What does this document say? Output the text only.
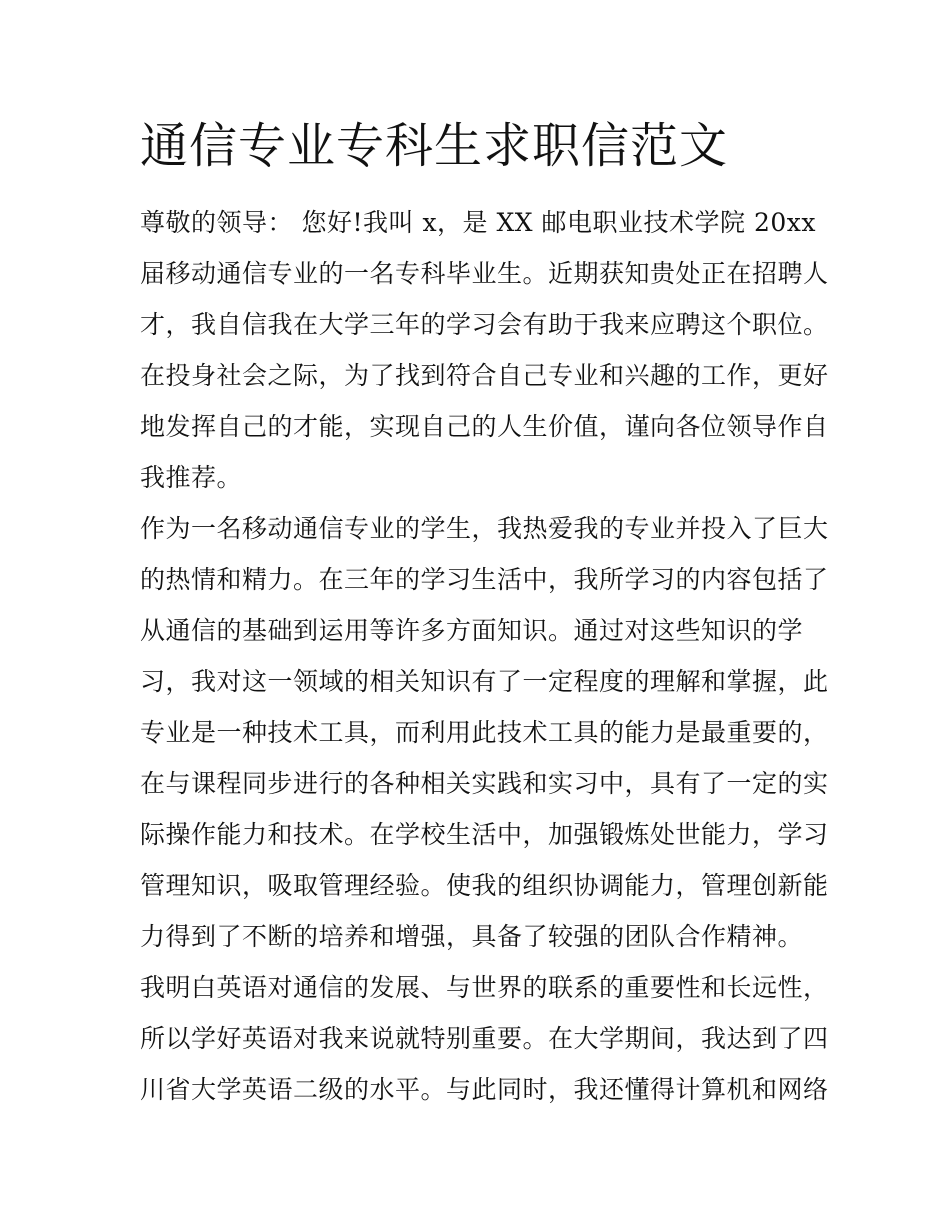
通信专业专科生求职信范文
尊敬的领导： 您好!我叫 x，是 XX 邮电职业技术学院 20xx
届移动通信专业的一名专科毕业生。近期获知贵处正在招聘人
才，我自信我在大学三年的学习会有助于我来应聘这个职位。
在投身社会之际，为了找到符合自己专业和兴趣的工作，更好
地发挥自己的才能，实现自己的人生价值，谨向各位领导作自
我推荐。
作为一名移动通信专业的学生，我热爱我的专业并投入了巨大
的热情和精力。在三年的学习生活中，我所学习的内容包括了
从通信的基础到运用等许多方面知识。通过对这些知识的学
习，我对这一领域的相关知识有了一定程度的理解和掌握，此
专业是一种技术工具，而利用此技术工具的能力是最重要的，
在与课程同步进行的各种相关实践和实习中，具有了一定的实
际操作能力和技术。在学校生活中，加强锻炼处世能力，学习
管理知识，吸取管理经验。使我的组织协调能力，管理创新能
力得到了不断的培养和增强，具备了较强的团队合作精神。
我明白英语对通信的发展、与世界的联系的重要性和长远性，
所以学好英语对我来说就特别重要。在大学期间，我达到了四
川省大学英语二级的水平。与此同时，我还懂得计算机和网络
